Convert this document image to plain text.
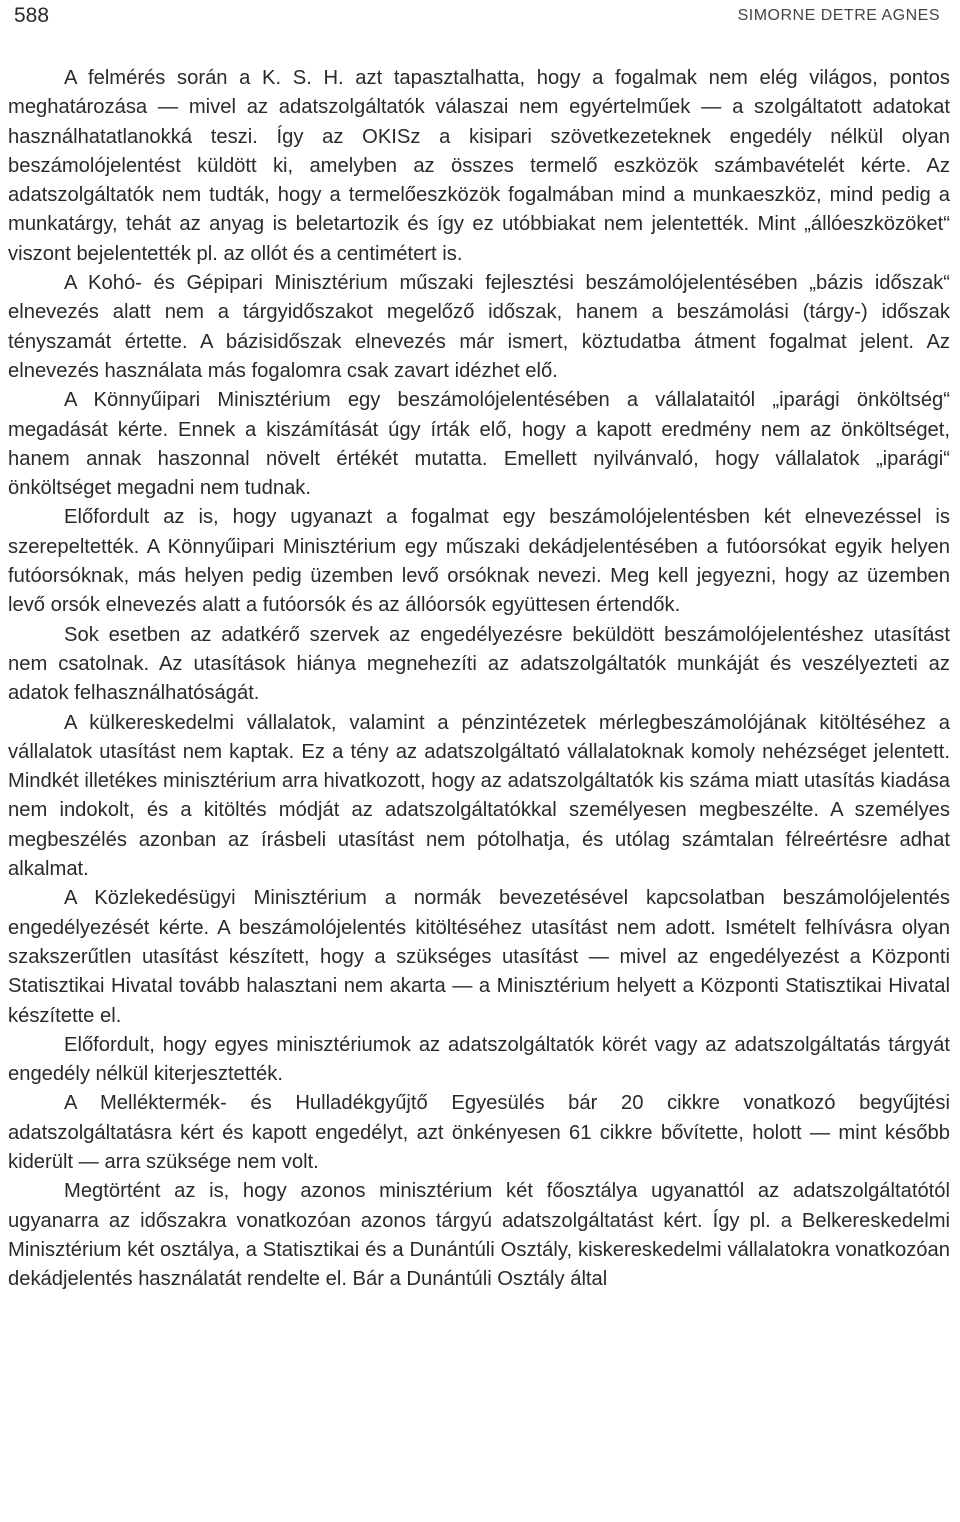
588	SIMORNE DETRE AGNES

A felmérés során a K. S. H. azt tapasztalhatta, hogy a fogalmak nem elég világos, pontos meghatározása — mivel az adatszolgáltatók válaszai nem egyértelműek — a szolgáltatott adatokat használhatatlanokká teszi. Így az OKISz a kisipari szövetkezeteknek engedély nélkül olyan beszámolójelentést küldött ki, amelyben az összes termelő eszközök számbavételét kérte. Az adatszolgáltatók nem tudták, hogy a termelőeszközök fogalmában mind a munkaeszköz, mind pedig a munkatárgy, tehát az anyag is beletartozik és így ez utóbbiakat nem jelentették. Mint „állóeszközöket“ viszont bejelentették pl. az ollót és a centimétert is.

A Kohó- és Gépipari Minisztérium műszaki fejlesztési beszámolójelentésében „bázis időszak“ elnevezés alatt nem a tárgyidőszakot megelőző időszak, hanem a beszámolási (tárgy-) időszak tényszamát értette. A bázisidőszak elnevezés már ismert, köztudatba átment fogalmat jelent. Az elnevezés használata más fogalomra csak zavart idézhet elő.

A Könnyűipari Minisztérium egy beszámolójelentésében a vállalataitól „iparági önköltség“ megadását kérte. Ennek a kiszámítását úgy írták elő, hogy a kapott eredmény nem az önköltséget, hanem annak haszonnal növelt értékét mutatta. Emellett nyilvánvaló, hogy vállalatok „iparági“ önköltséget megadni nem tudnak.

Előfordult az is, hogy ugyanazt a fogalmat egy beszámolójelentésben két elnevezéssel is szerepeltették. A Könnyűipari Minisztérium egy műszaki dekádjelentésében a futóorsókat egyik helyen futóorsóknak, más helyen pedig üzemben levő orsóknak nevezi. Meg kell jegyezni, hogy az üzemben levő orsók elnevezés alatt a futóorsók és az állóorsók együttesen értendők.

Sok esetben az adatkérő szervek az engedélyezésre beküldött beszámolójelentéshez utasítást nem csatolnak. Az utasítások hiánya megnehezíti az adatszolgáltatók munkáját és veszélyezteti az adatok felhasználhatóságát.

A külkereskedelmi vállalatok, valamint a pénzintézetek mérlegbeszámolójának kitöltéséhez a vállalatok utasítást nem kaptak. Ez a tény az adatszolgáltató vállalatoknak komoly nehézséget jelentett. Mindkét illetékes minisztérium arra hivatkozott, hogy az adatszolgáltatók kis száma miatt utasítás kiadása nem indokolt, és a kitöltés módját az adatszolgáltatókkal személyesen megbeszélte. A személyes megbeszélés azonban az írásbeli utasítást nem pótolhatja, és utólag számtalan félreértésre adhat alkalmat.

A Közlekedésügyi Minisztérium a normák bevezetésével kapcsolatban beszámolójelentés engedélyezését kérte. A beszámolójelentés kitöltéséhez utasítást nem adott. Ismételt felhívásra olyan szakszerűtlen utasítást készített, hogy a szükséges utasítást — mivel az engedélyezést a Központi Statisztikai Hivatal tovább halasztani nem akarta — a Minisztérium helyett a Központi Statisztikai Hivatal készítette el.

Előfordult, hogy egyes minisztériumok az adatszolgáltatók körét vagy az adatszolgáltatás tárgyát engedély nélkül kiterjesztették.

A Melléktermék- és Hulladékgyűjtő Egyesülés bár 20 cikkre vonatkozó begyűjtési adatszolgáltatásra kért és kapott engedélyt, azt önkényesen 61 cikkre bővítette, holott — mint később kiderült — arra szükségе nem volt.

Megtörtént az is, hogy azonos minisztérium két főosztálya ugyanattól az adatszolgáltatótól ugyanarra az időszakra vonatkozóan azonos tárgyú adatszolgáltatást kért. Így pl. a Belkereskedelmi Minisztérium két osztálya, a Statisztikai és a Dunántúli Osztály, kiskereskedelmi vállalatokra vonatkozóan dekádjelentés használatát rendelte el. Bár a Dunántúli Osztály által
